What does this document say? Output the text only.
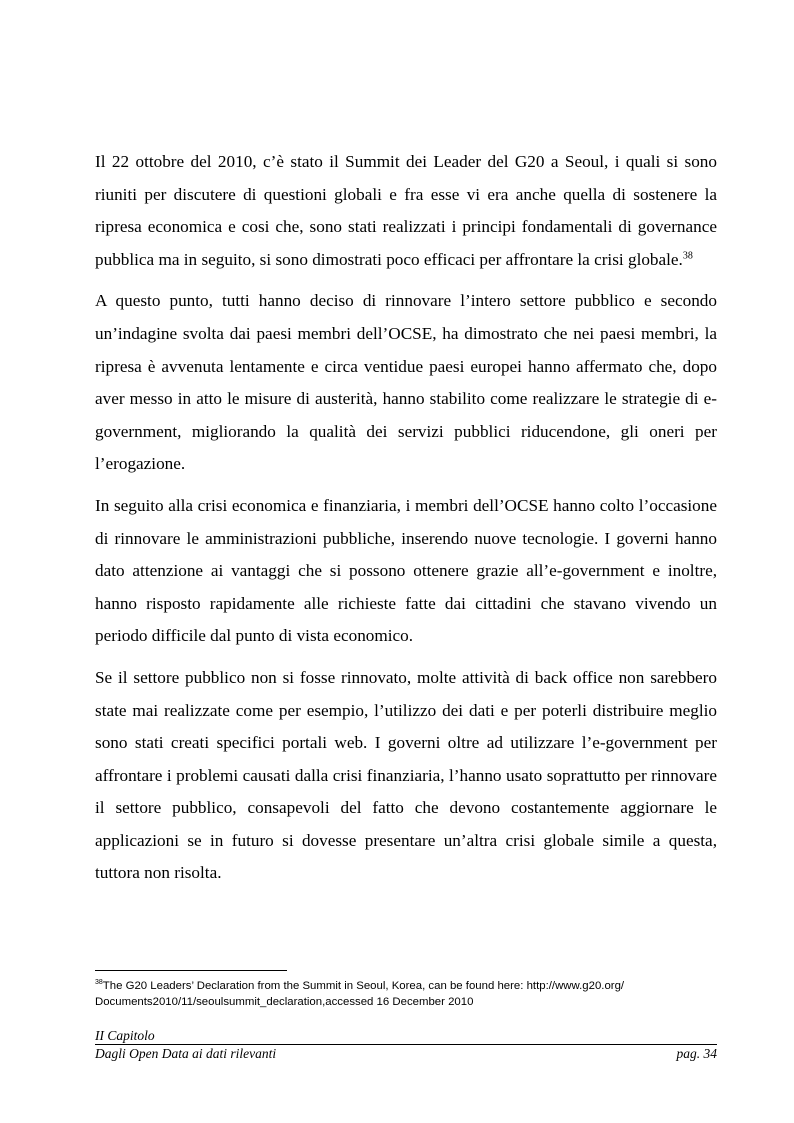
Il 22 ottobre del 2010, c’è stato il Summit dei Leader del G20 a Seoul, i quali si sono riuniti per discutere di questioni globali e fra esse vi era anche quella di sostenere la ripresa economica e cosi che, sono stati realizzati i principi fondamentali di governance pubblica ma in seguito, si sono dimostrati poco efficaci per affrontare la crisi globale.$^{38}$

A questo punto, tutti hanno deciso di rinnovare l’intero settore pubblico e secondo un’indagine svolta dai paesi membri dell’OCSE, ha dimostrato che nei paesi membri, la ripresa è avvenuta lentamente e circa ventidue paesi europei hanno affermato che, dopo aver messo in atto le misure di austerità, hanno stabilito come realizzare le strategie di e-government, migliorando la qualità dei servizi pubblici riducendone, gli oneri per l’erogazione.

In seguito alla crisi economica e finanziaria, i membri dell’OCSE hanno colto l’occasione di rinnovare le amministrazioni pubbliche, inserendo nuove tecnologie. I governi hanno dato attenzione ai vantaggi che si possono ottenere grazie all’e-government e inoltre, hanno risposto rapidamente alle richieste fatte dai cittadini che stavano vivendo un periodo difficile dal punto di vista economico.

Se il settore pubblico non si fosse rinnovato, molte attività di back office non sarebbero state mai realizzate come per esempio, l’utilizzo dei dati e per poterli distribuire meglio sono stati creati specifici portali web. I governi oltre ad utilizzare l’e-government per affrontare i problemi causati dalla crisi finanziaria, l’hanno usato soprattutto per rinnovare il settore pubblico, consapevoli del fatto che devono costantemente aggiornare le applicazioni se in futuro si dovesse presentare un’altra crisi globale simile a questa, tuttora non risolta.

$^{38}$The G20 Leaders’ Declaration from the Summit in Seoul, Korea, can be found here: http://www.g20.org/
Documents2010/11/seoulsummit_declaration,accessed 16 December 2010
II Capitolo
Dagli Open Data ai dati rilevanti	pag. 34
